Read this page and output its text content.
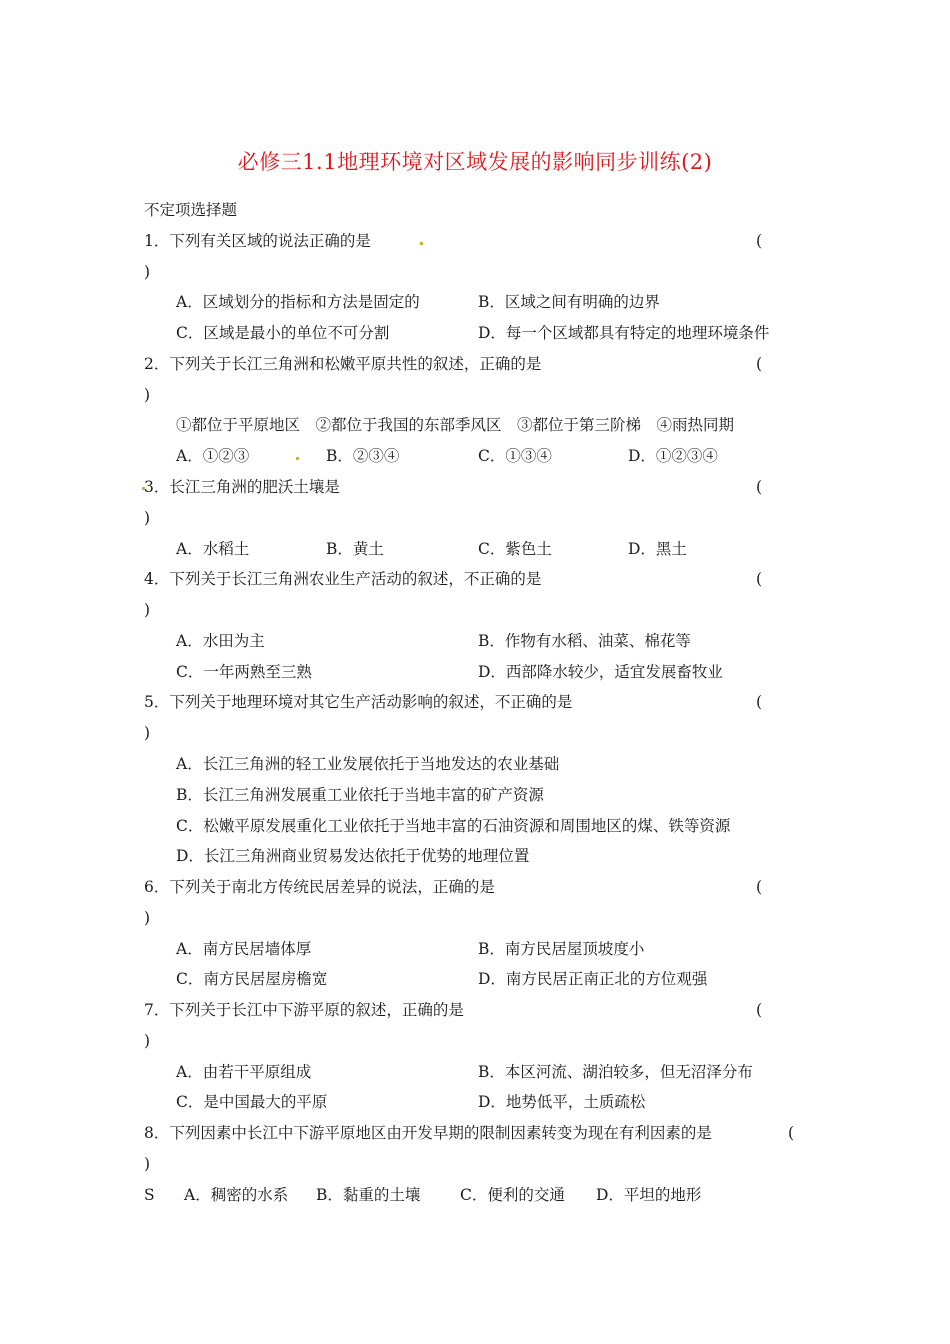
必修三1.1地理环境对区域发展的影响同步训练(2)
不定项选择题
1．下列有关区域的说法正确的是	(
)
A．区域划分的指标和方法是固定的	B．区域之间有明确的边界
C．区域是最小的单位不可分割	D．每一个区域都具有特定的地理环境条件
2．下列关于长江三角洲和松嫩平原共性的叙述，正确的是	(
)
①都位于平原地区　②都位于我国的东部季风区　③都位于第三阶梯　④雨热同期
A．①②③	B．②③④	C．①③④	D．①②③④
3．长江三角洲的肥沃土壤是	(
)
A．水稻土	B．黄土	C．紫色土	D．黑土
4．下列关于长江三角洲农业生产活动的叙述，不正确的是	(
)
A．水田为主	B．作物有水稻、油菜、棉花等
C．一年两熟至三熟	D．西部降水较少，适宜发展畜牧业
5．下列关于地理环境对其它生产活动影响的叙述，不正确的是	(
)
A．长江三角洲的轻工业发展依托于当地发达的农业基础
B．长江三角洲发展重工业依托于当地丰富的矿产资源
C．松嫩平原发展重化工业依托于当地丰富的石油资源和周围地区的煤、铁等资源
D．长江三角洲商业贸易发达依托于优势的地理位置
6．下列关于南北方传统民居差异的说法，正确的是	(
)
A．南方民居墙体厚	B．南方民居屋顶坡度小
C．南方民居屋房檐宽	D．南方民居正南正北的方位观强
7．下列关于长江中下游平原的叙述，正确的是	(
)
A．由若干平原组成	B．本区河流、湖泊较多，但无沼泽分布
C．是中国最大的平原	D．地势低平，土质疏松
8．下列因素中长江中下游平原地区由开发早期的限制因素转变为现在有利因素的是	(
)
S A．稠密的水系 B．黏重的土壤	C．便利的交通 D．平坦的地形
